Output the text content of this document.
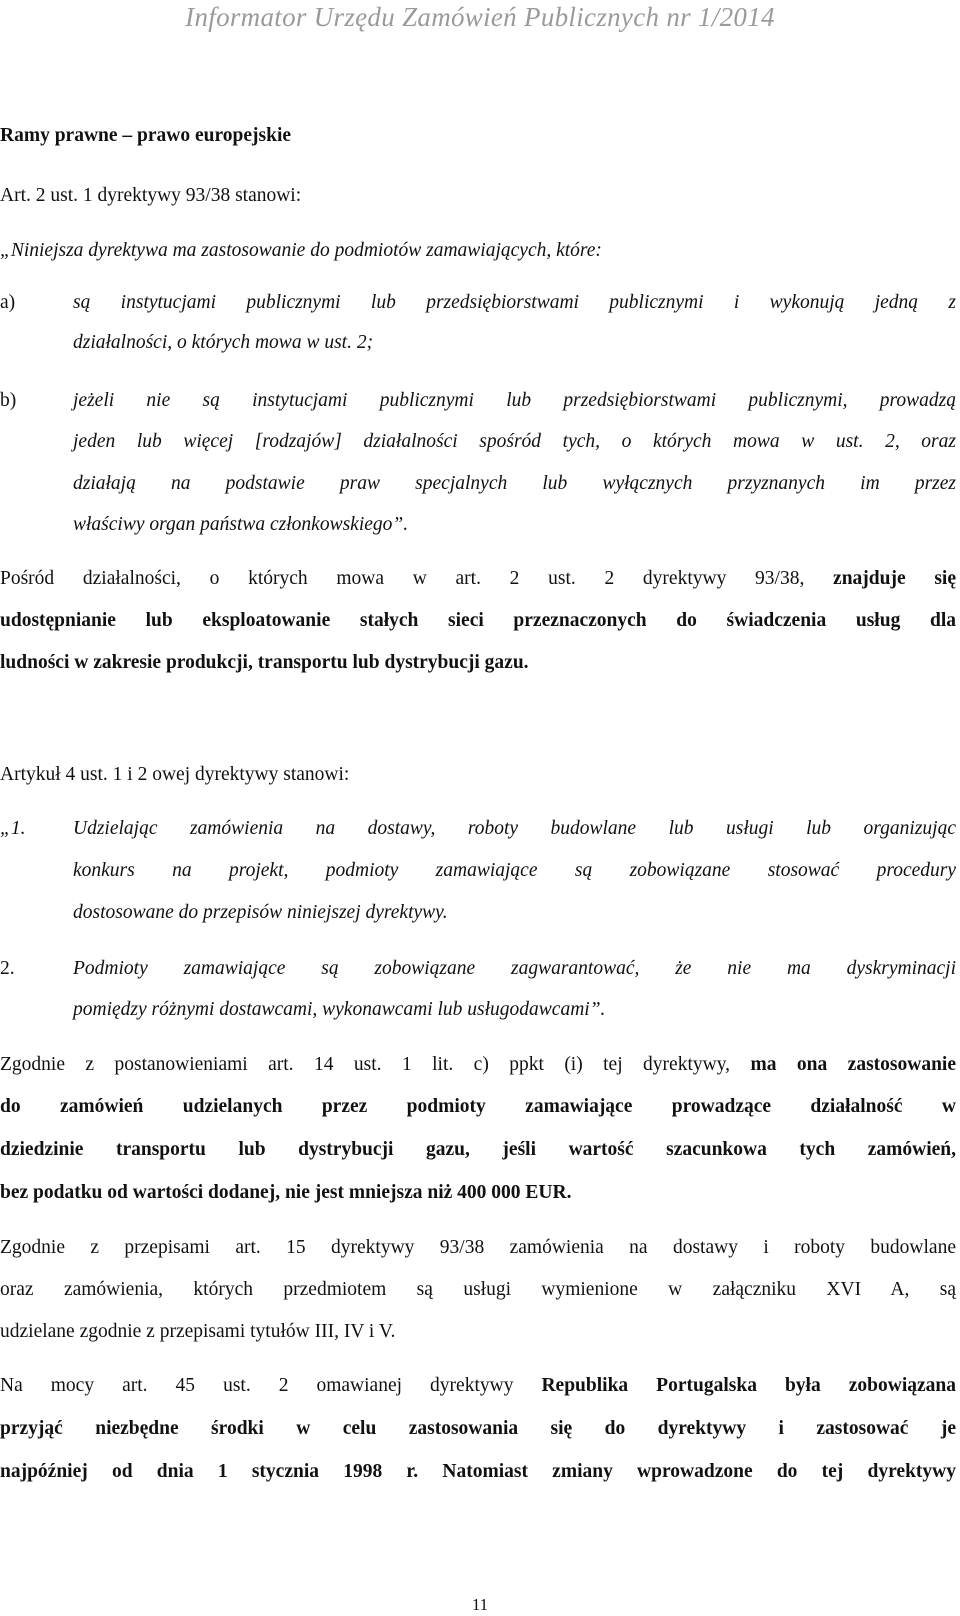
Informator Urzędu Zamówień Publicznych nr 1/2014
Ramy prawne – prawo europejskie
Art. 2 ust. 1 dyrektywy 93/38 stanowi:
„Niniejsza dyrektywa ma zastosowanie do podmiotów zamawiających, które:
a)	są instytucjami publicznymi lub przedsiębiorstwami publicznymi i wykonują jedną z
działalności, o których mowa w ust. 2;
b)	jeżeli nie są instytucjami publicznymi lub przedsiębiorstwami publicznymi, prowadzą
jeden lub więcej [rodzajów] działalności spośród tych, o których mowa w ust. 2, oraz
działają na podstawie praw specjalnych lub wyłącznych przyznanych im przez
właściwy organ państwa członkowskiego”.
Pośród działalności, o których mowa w art. 2 ust. 2 dyrektywy 93/38, znajduje się
udostępnianie lub eksploatowanie stałych sieci przeznaczonych do świadczenia usług dla
ludności w zakresie produkcji, transportu lub dystrybucji gazu.
Artykuł 4 ust. 1 i 2 owej dyrektywy stanowi:
„1. Udzielając zamówienia na dostawy, roboty budowlane lub usługi lub organizując
konkurs na projekt, podmioty zamawiające są zobowiązane stosować procedury
dostosowane do przepisów niniejszej dyrektywy.
2.	Podmioty zamawiające są zobowiązane zagwarantować, że nie ma dyskryminacji
pomiędzy różnymi dostawcami, wykonawcami lub usługodawcami”.
Zgodnie z postanowieniami art. 14 ust. 1 lit. c) ppkt (i) tej dyrektywy, ma ona zastosowanie
do zamówień udzielanych przez podmioty zamawiające prowadzące działalność w
dziedzinie transportu lub dystrybucji gazu, jeśli wartość szacunkowa tych zamówień,
bez podatku od wartości dodanej, nie jest mniejsza niż 400 000 EUR.
Zgodnie z przepisami art. 15 dyrektywy 93/38 zamówienia na dostawy i roboty budowlane
oraz zamówienia, których przedmiotem są usługi wymienione w załączniku XVI A, są
udzielane zgodnie z przepisami tytułów III, IV i V.
Na mocy art. 45 ust. 2 omawianej dyrektywy Republika Portugalska była zobowiązana
przyjąć niezbędne środki w celu zastosowania się do dyrektywy i zastosować je
najpóźniej od dnia 1 stycznia 1998 r. Natomiast zmiany wprowadzone do tej dyrektywy
11
